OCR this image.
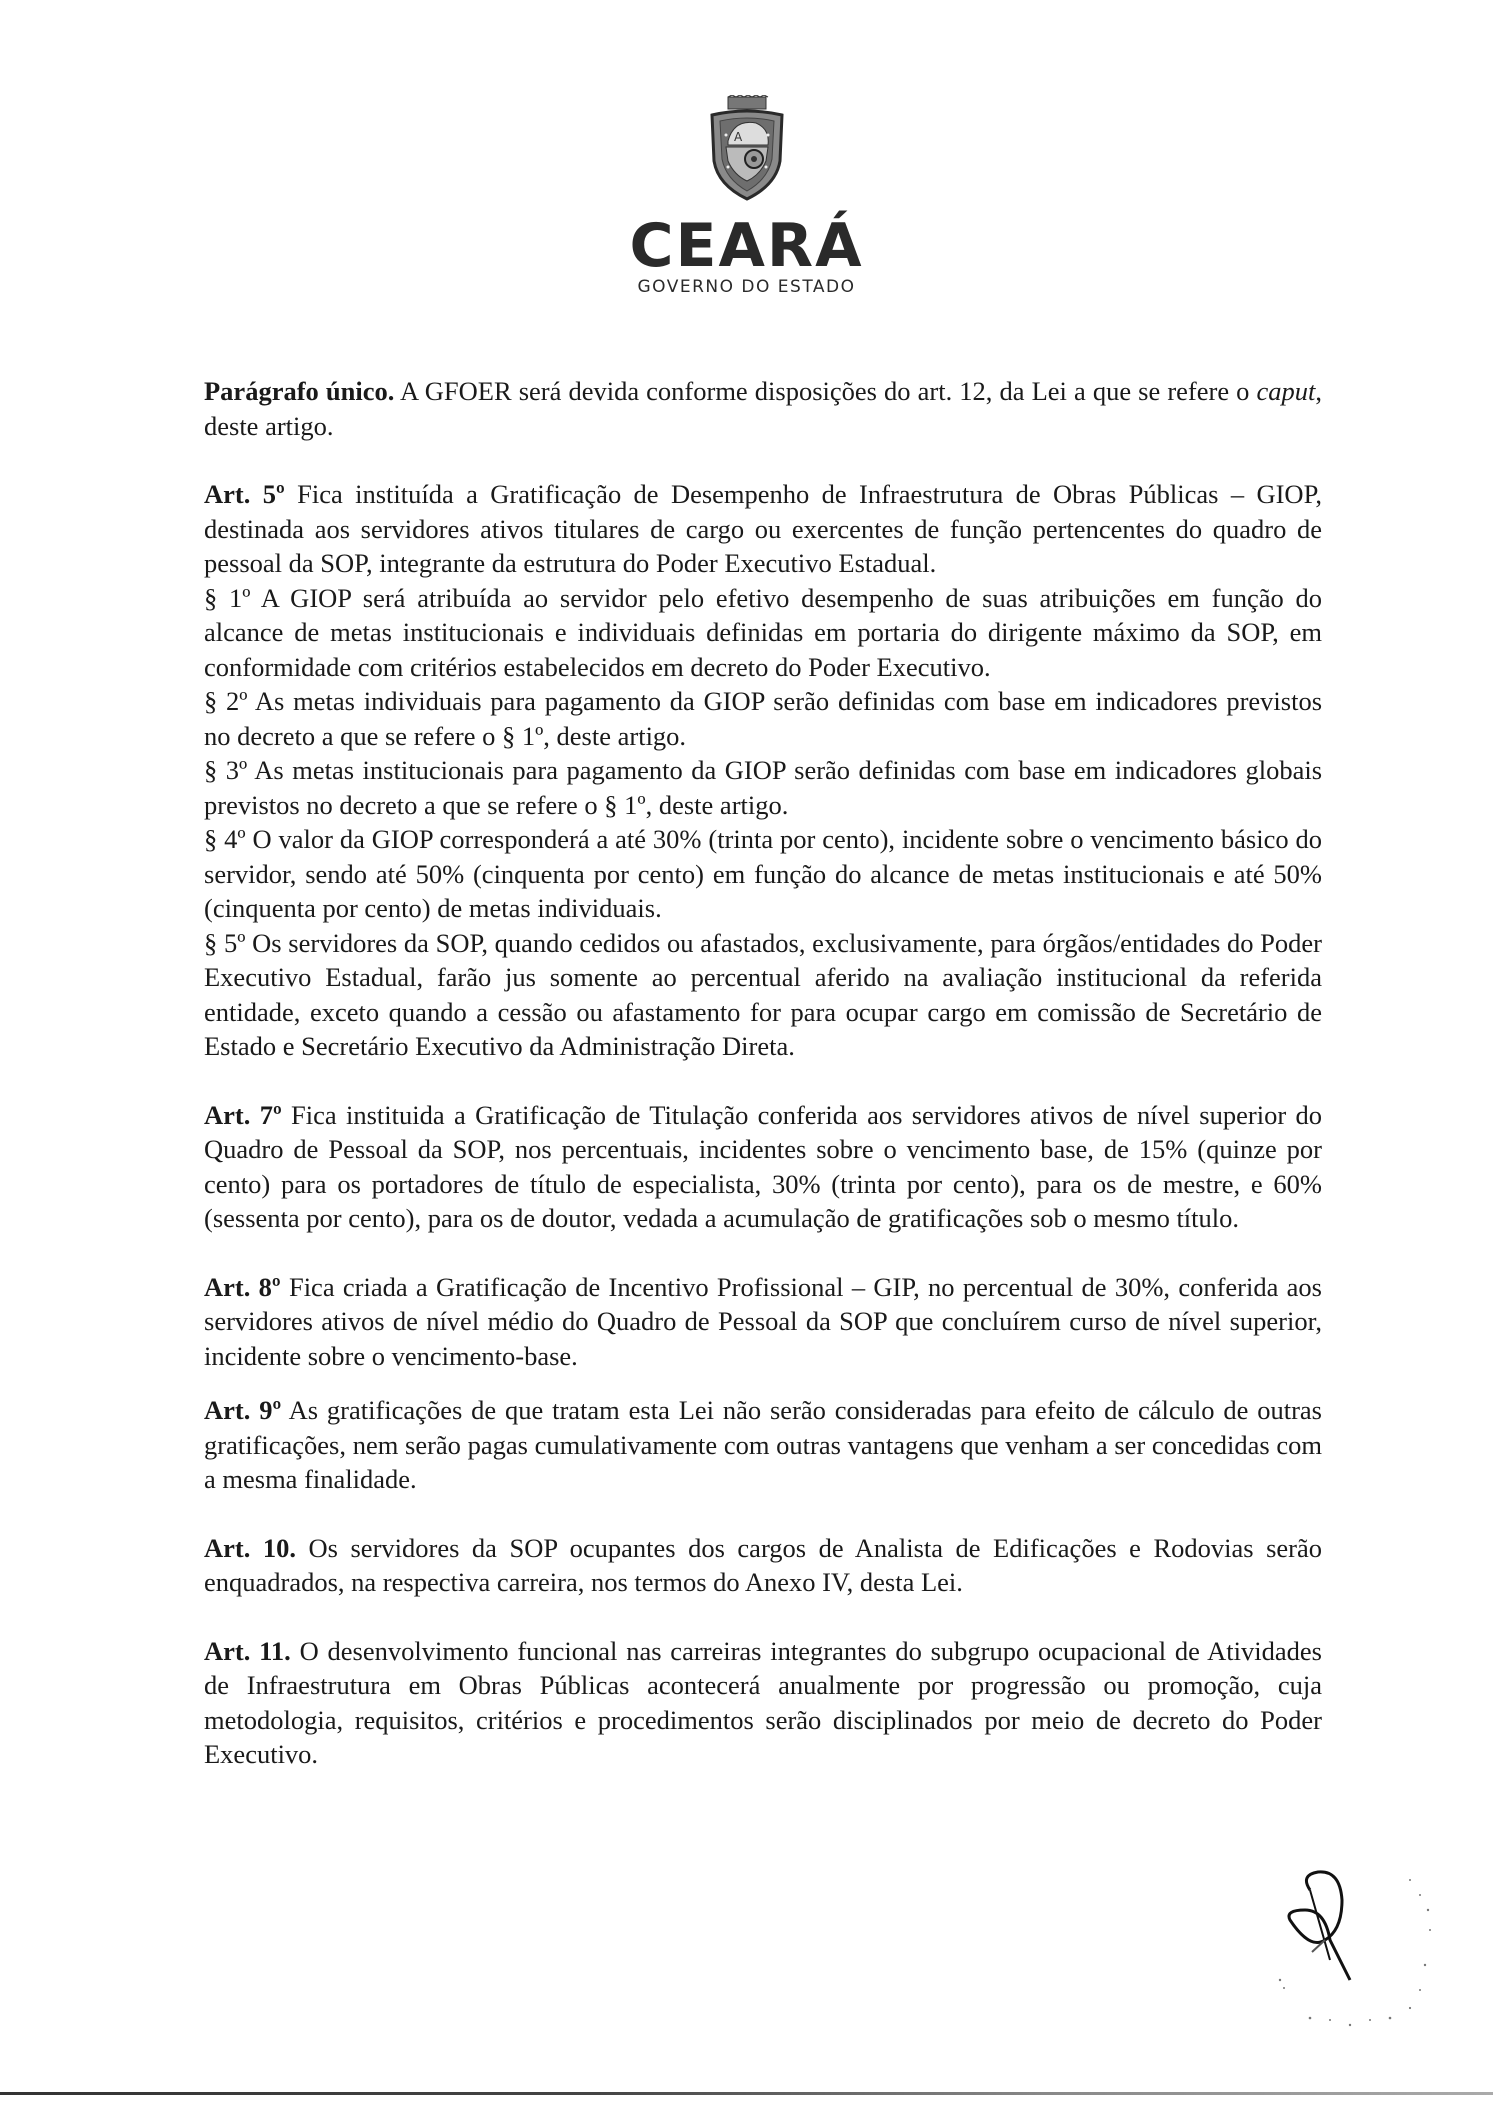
A
CEARÁ
GOVERNO DO ESTADO

Parágrafo único. A GFOER será devida conforme disposições do art. 12, da Lei a que se refere o caput, deste artigo.

Art. 5º Fica instituída a Gratificação de Desempenho de Infraestrutura de Obras Públicas – GIOP, destinada aos servidores ativos titulares de cargo ou exercentes de função pertencentes do quadro de pessoal da SOP, integrante da estrutura do Poder Executivo Estadual.

§ 1º A GIOP será atribuída ao servidor pelo efetivo desempenho de suas atribuições em função do alcance de metas institucionais e individuais definidas em portaria do dirigente máximo da SOP, em conformidade com critérios estabelecidos em decreto do Poder Executivo.

§ 2º As metas individuais para pagamento da GIOP serão definidas com base em indicadores previstos no decreto a que se refere o § 1º, deste artigo.

§ 3º As metas institucionais para pagamento da GIOP serão definidas com base em indicadores globais previstos no decreto a que se refere o § 1º, deste artigo.

§ 4º O valor da GIOP corresponderá a até 30% (trinta por cento), incidente sobre o vencimento básico do servidor, sendo até 50% (cinquenta por cento) em função do alcance de metas institucionais e até 50% (cinquenta por cento) de metas individuais.

§ 5º Os servidores da SOP, quando cedidos ou afastados, exclusivamente, para órgãos/entidades do Poder Executivo Estadual, farão jus somente ao percentual aferido na avaliação institucional da referida entidade, exceto quando a cessão ou afastamento for para ocupar cargo em comissão de Secretário de Estado e Secretário Executivo da Administração Direta.

Art. 7º Fica instituida a Gratificação de Titulação conferida aos servidores ativos de nível superior do Quadro de Pessoal da SOP, nos percentuais, incidentes sobre o vencimento base, de 15% (quinze por cento) para os portadores de título de especialista, 30% (trinta por cento), para os de mestre, e 60% (sessenta por cento), para os de doutor, vedada a acumulação de gratificações sob o mesmo título.

Art. 8º Fica criada a Gratificação de Incentivo Profissional – GIP, no percentual de 30%, conferida aos servidores ativos de nível médio do Quadro de Pessoal da SOP que concluírem curso de nível superior, incidente sobre o vencimento-base.

Art. 9º As gratificações de que tratam esta Lei não serão consideradas para efeito de cálculo de outras gratificações, nem serão pagas cumulativamente com outras vantagens que venham a ser concedidas com a mesma finalidade.

Art. 10. Os servidores da SOP ocupantes dos cargos de Analista de Edificações e Rodovias serão enquadrados, na respectiva carreira, nos termos do Anexo IV, desta Lei.

Art. 11. O desenvolvimento funcional nas carreiras integrantes do subgrupo ocupacional de Atividades de Infraestrutura em Obras Públicas acontecerá anualmente por progressão ou promoção, cuja metodologia, requisitos, critérios e procedimentos serão disciplinados por meio de decreto do Poder Executivo.
